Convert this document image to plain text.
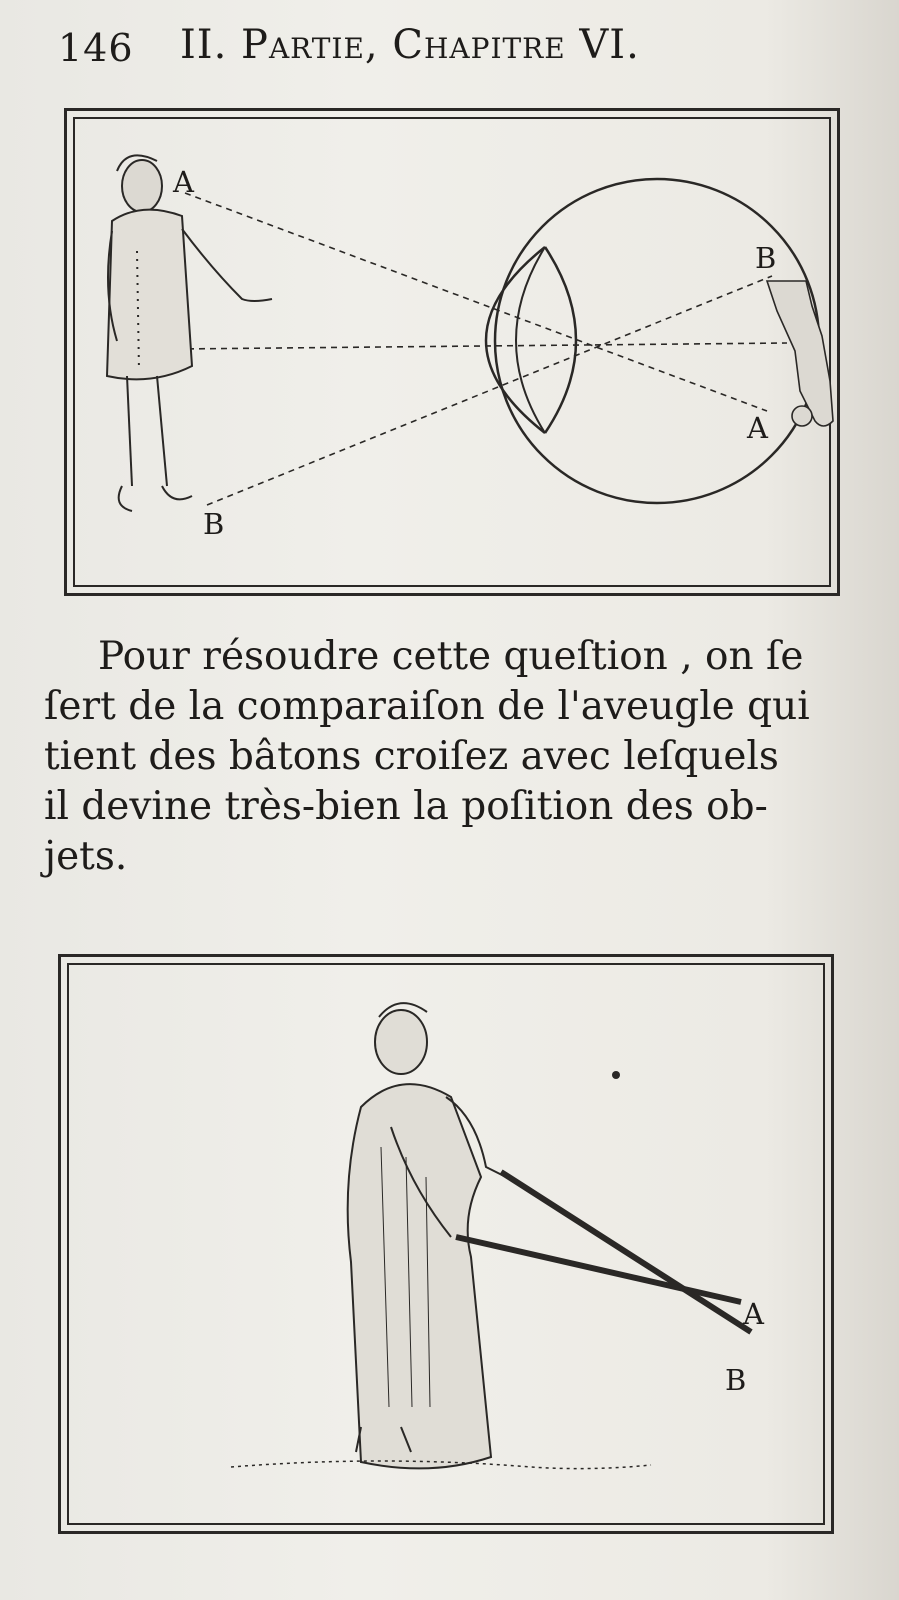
146 II. Partie, Chapitre VI.
A
B
B
A
Pour résoudre cette queſtion , on ſe
ſert de la comparaiſon de l'aveugle qui
tient des bâtons croiſez avec leſquels
il devine très-bien la poſition des ob-
jets.
A
B
